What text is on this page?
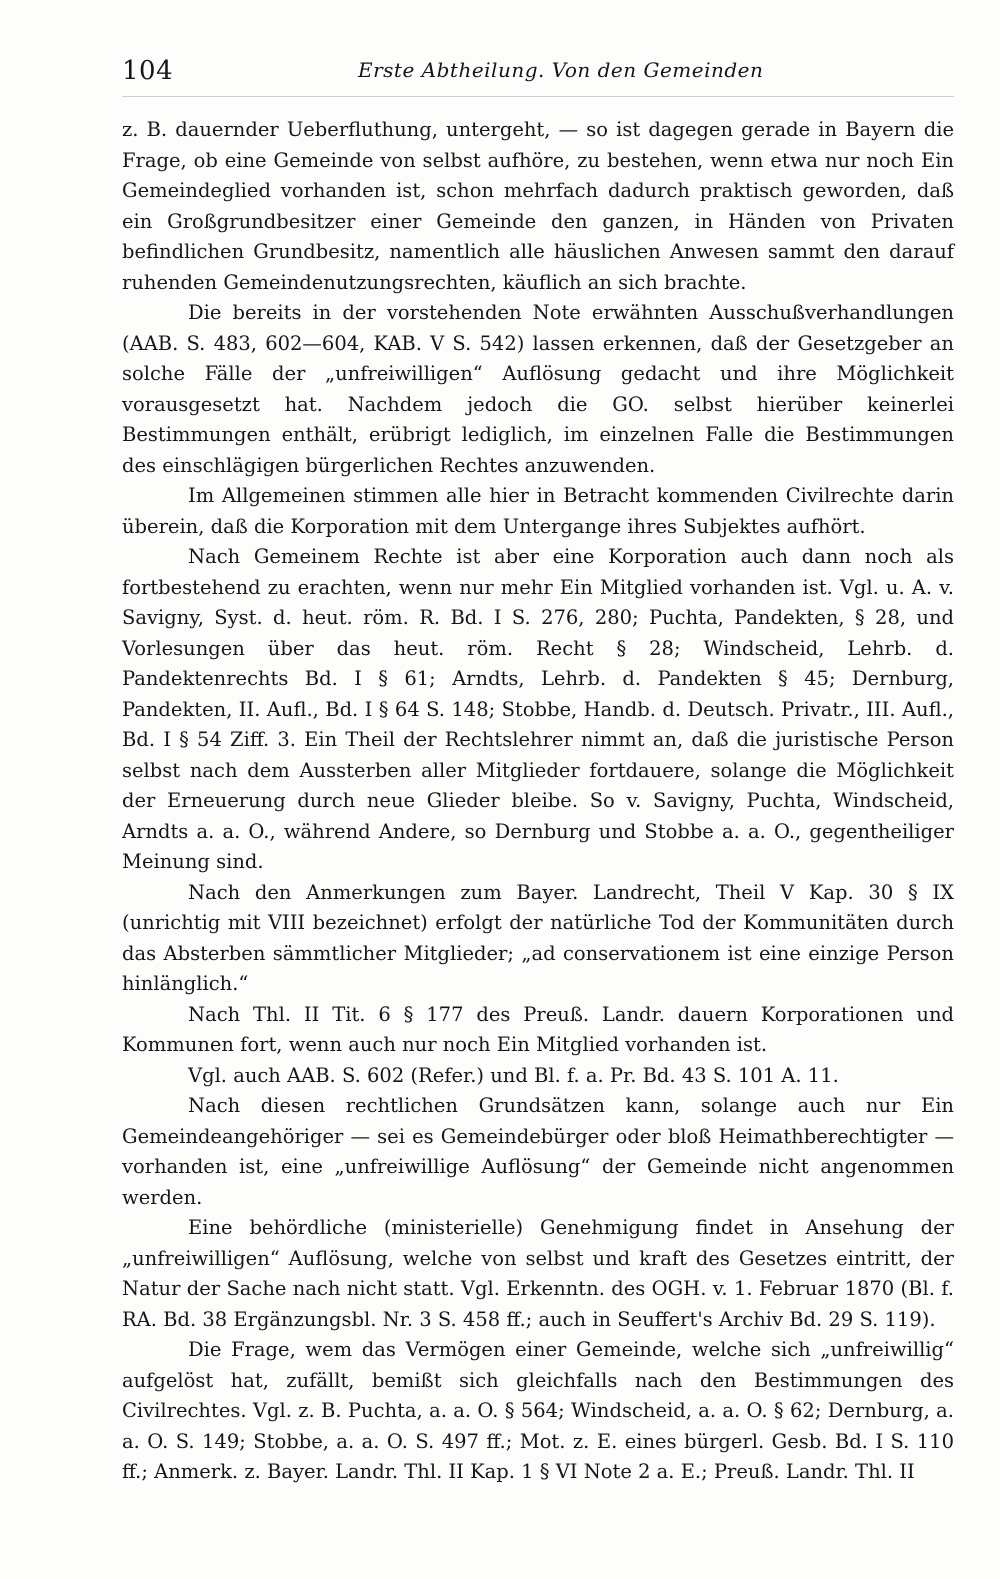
104	Erste Abtheilung. Von den Gemeinden

z. B. dauernder Ueberfluthung, untergeht, — so ist dagegen gerade in Bayern die Frage, ob eine Gemeinde von selbst aufhöre, zu bestehen, wenn etwa nur noch Ein Gemeindeglied vorhanden ist, schon mehrfach dadurch praktisch geworden, daß ein Großgrundbesitzer einer Gemeinde den ganzen, in Händen von Privaten befindlichen Grundbesitz, namentlich alle häuslichen Anwesen sammt den darauf ruhenden Gemeindenutzungsrechten, käuflich an sich brachte.

Die bereits in der vorstehenden Note erwähnten Ausschußverhandlungen (AAB. S. 483, 602—604, KAB. V S. 542) lassen erkennen, daß der Gesetzgeber an solche Fälle der „unfreiwilligen“ Auflösung gedacht und ihre Möglichkeit vorausgesetzt hat. Nachdem jedoch die GO. selbst hierüber keinerlei Bestimmungen enthält, erübrigt lediglich, im einzelnen Falle die Bestimmungen des einschlägigen bürgerlichen Rechtes anzuwenden.

Im Allgemeinen stimmen alle hier in Betracht kommenden Civilrechte darin überein, daß die Korporation mit dem Untergange ihres Subjektes aufhört.

Nach Gemeinem Rechte ist aber eine Korporation auch dann noch als fortbestehend zu erachten, wenn nur mehr Ein Mitglied vorhanden ist. Vgl. u. A. v. Savigny, Syst. d. heut. röm. R. Bd. I S. 276, 280; Puchta, Pandekten, § 28, und Vorlesungen über das heut. röm. Recht § 28; Windscheid, Lehrb. d. Pandektenrechts Bd. I § 61; Arndts, Lehrb. d. Pandekten § 45; Dernburg, Pandekten, II. Aufl., Bd. I § 64 S. 148; Stobbe, Handb. d. Deutsch. Privatr., III. Aufl., Bd. I § 54 Ziff. 3. Ein Theil der Rechtslehrer nimmt an, daß die juristische Person selbst nach dem Aussterben aller Mitglieder fortdauere, solange die Möglichkeit der Erneuerung durch neue Glieder bleibe. So v. Savigny, Puchta, Windscheid, Arndts a. a. O., während Andere, so Dernburg und Stobbe a. a. O., gegentheiliger Meinung sind.

Nach den Anmerkungen zum Bayer. Landrecht, Theil V Kap. 30 § IX (unrichtig mit VIII bezeichnet) erfolgt der natürliche Tod der Kommunitäten durch das Absterben sämmtlicher Mitglieder; „ad conservationem ist eine einzige Person hinlänglich.“

Nach Thl. II Tit. 6 § 177 des Preuß. Landr. dauern Korporationen und Kommunen fort, wenn auch nur noch Ein Mitglied vorhanden ist.

Vgl. auch AAB. S. 602 (Refer.) und Bl. f. a. Pr. Bd. 43 S. 101 A. 11.

Nach diesen rechtlichen Grundsätzen kann, solange auch nur Ein Gemeindeangehöriger — sei es Gemeindebürger oder bloß Heimathberechtigter — vorhanden ist, eine „unfreiwillige Auflösung“ der Gemeinde nicht angenommen werden.

Eine behördliche (ministerielle) Genehmigung findet in Ansehung der „unfreiwilligen“ Auflösung, welche von selbst und kraft des Gesetzes eintritt, der Natur der Sache nach nicht statt. Vgl. Erkenntn. des OGH. v. 1. Februar 1870 (Bl. f. RA. Bd. 38 Ergänzungsbl. Nr. 3 S. 458 ff.; auch in Seuffert's Archiv Bd. 29 S. 119).

Die Frage, wem das Vermögen einer Gemeinde, welche sich „unfreiwillig“ aufgelöst hat, zufällt, bemißt sich gleichfalls nach den Bestimmungen des Civilrechtes. Vgl. z. B. Puchta, a. a. O. § 564; Windscheid, a. a. O. § 62; Dernburg, a. a. O. S. 149; Stobbe, a. a. O. S. 497 ff.; Mot. z. E. eines bürgerl. Gesb. Bd. I S. 110 ff.; Anmerk. z. Bayer. Landr. Thl. II Kap. 1 § VI Note 2 a. E.; Preuß. Landr. Thl. II
